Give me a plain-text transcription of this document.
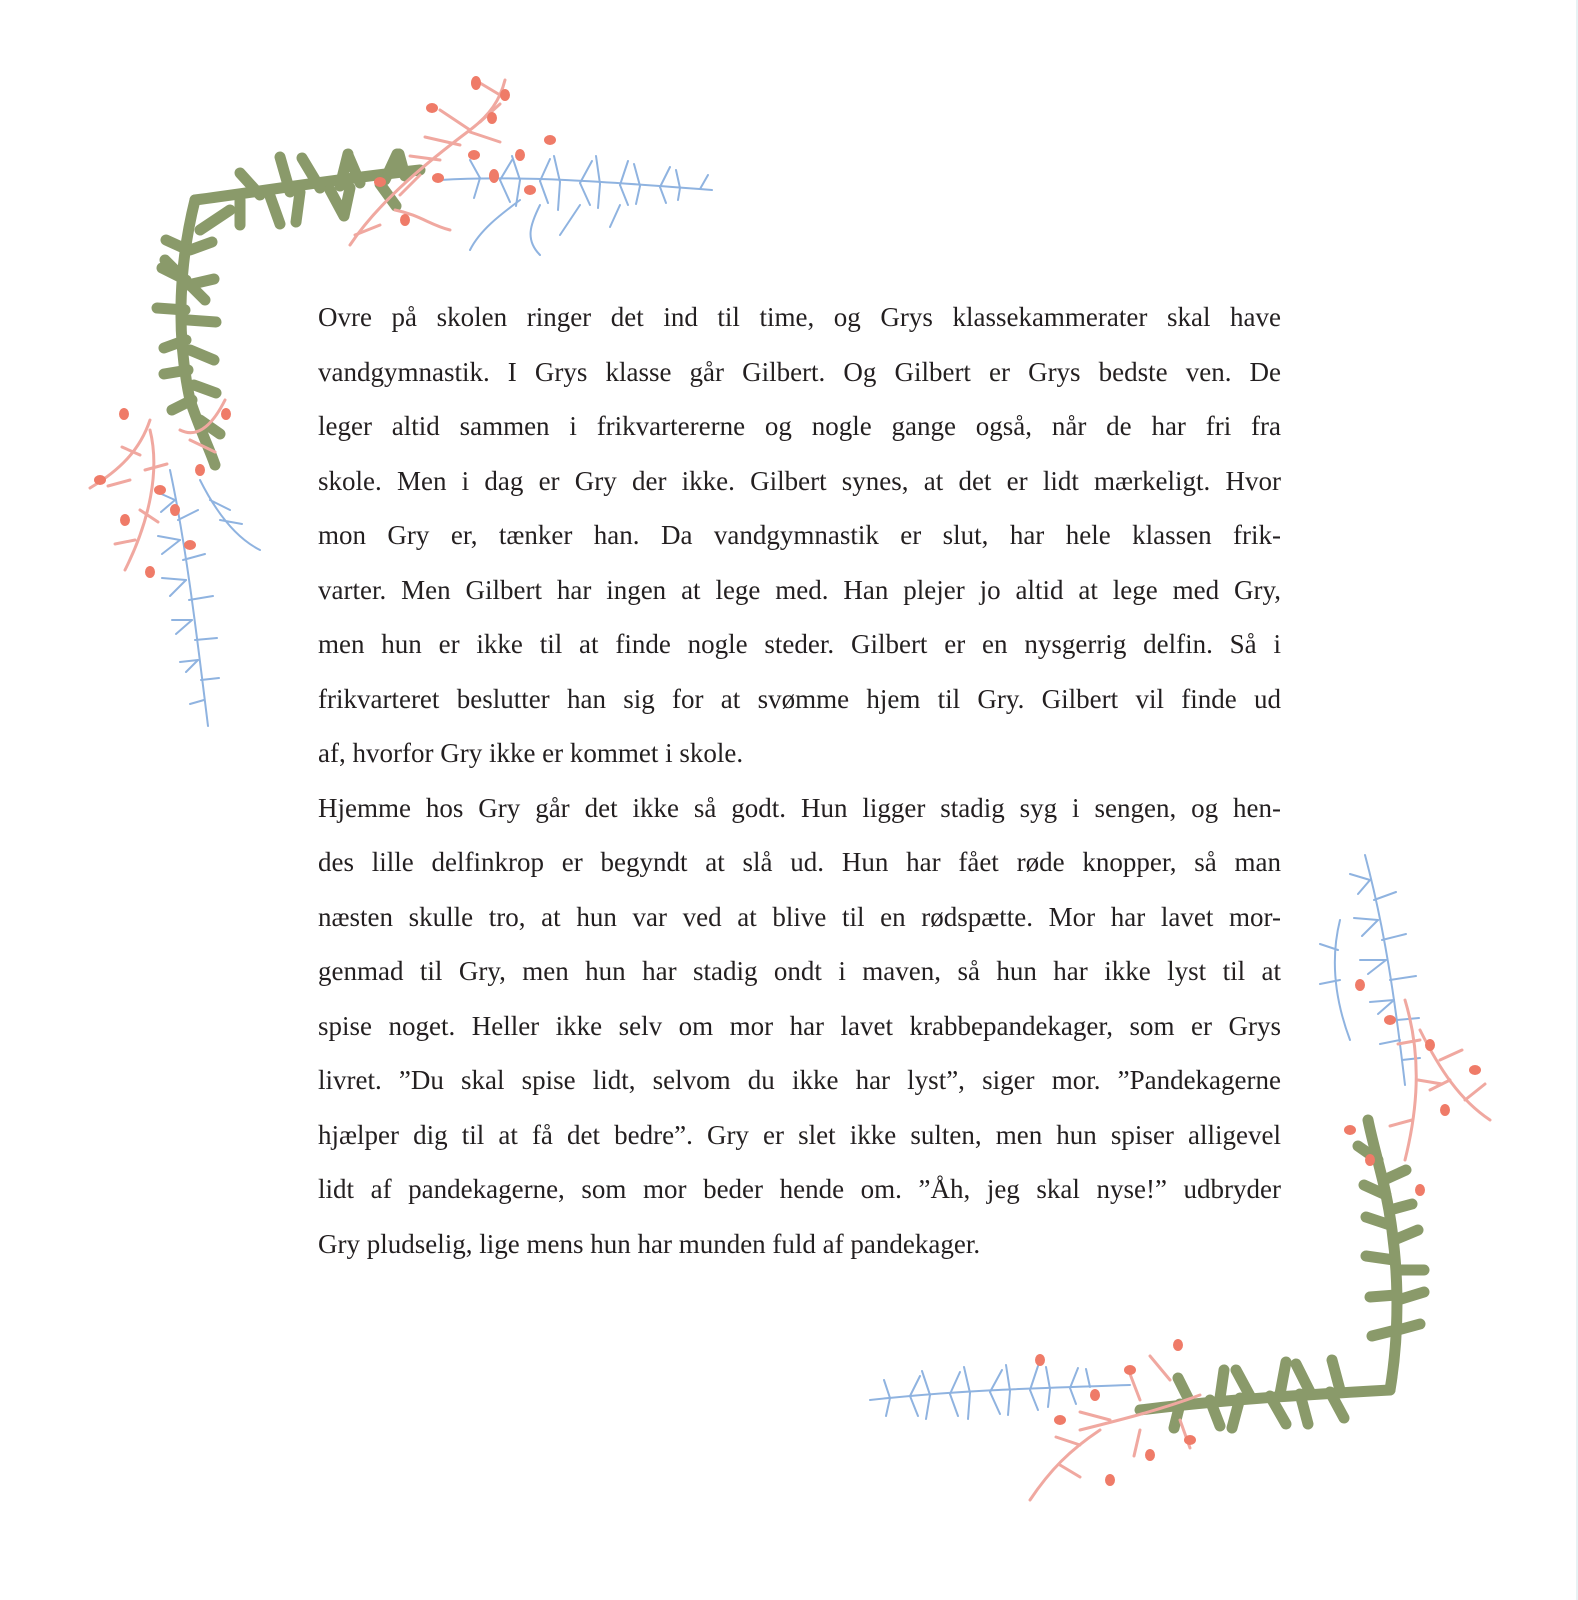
Ovre på skolen ringer det ind til time, og Grys klassekammerater skal have
vandgymnastik. I Grys klasse går Gilbert. Og Gilbert er Grys bedste ven. De
leger altid sammen i frikvartererne og nogle gange også, når de har fri fra
skole. Men i dag er Gry der ikke. Gilbert synes, at det er lidt mærkeligt. Hvor
mon Gry er, tænker han. Da vandgymnastik er slut, har hele klassen frik-
varter. Men Gilbert har ingen at lege med. Han plejer jo altid at lege med Gry,
men hun er ikke til at finde nogle steder. Gilbert er en nysgerrig delfin. Så i
frikvarteret beslutter han sig for at svømme hjem til Gry. Gilbert vil finde ud
af, hvorfor Gry ikke er kommet i skole.

Hjemme hos Gry går det ikke så godt. Hun ligger stadig syg i sengen, og hen-
des lille delfinkrop er begyndt at slå ud. Hun har fået røde knopper, så man
næsten skulle tro, at hun var ved at blive til en rødspætte. Mor har lavet mor-
genmad til Gry, men hun har stadig ondt i maven, så hun har ikke lyst til at
spise noget. Heller ikke selv om mor har lavet krabbepandekager, som er Grys
livret. ”Du skal spise lidt, selvom du ikke har lyst”, siger mor. ”Pandekagerne
hjælper dig til at få det bedre”. Gry er slet ikke sulten, men hun spiser alligevel
lidt af pandekagerne, som mor beder hende om. ”Åh, jeg skal nyse!” udbryder
Gry pludselig, lige mens hun har munden fuld af pandekager.
